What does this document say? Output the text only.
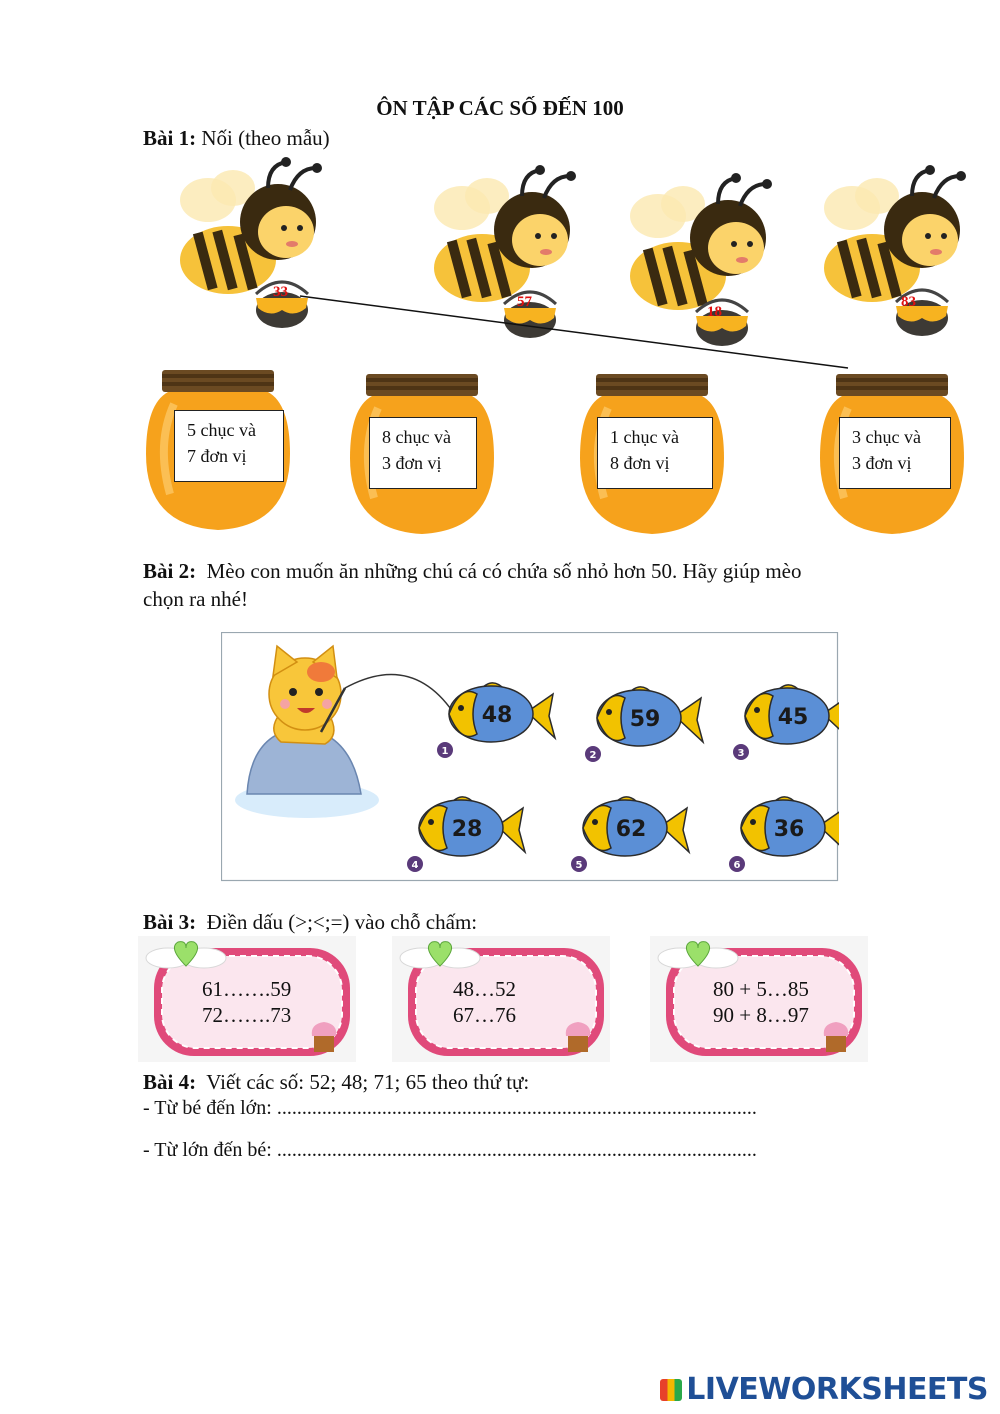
ÔN TẬP CÁC SỐ ĐẾN 100
Bài 1: Nối (theo mẫu)
33
57
18
83
5 chục và
7 đơn vị
8 chục và
3 đơn vị
1 chục và
8 đơn vị
3 chục và
3 đơn vị
Bài 2: Mèo con muốn ăn những chú cá có chứa số nhỏ hơn 50. Hãy giúp mèo
chọn ra nhé!
48
1
59
2
45
3
28
4
62
5
36
6
Bài 3: Điền dấu (>;<;=) vào chỗ chấm:
61…….59
72…….73
48…52
67…76
80 + 5…85
90 + 8…97
Bài 4: Viết các số: 52; 48; 71; 65 theo thứ tự:
- Từ bé đến lớn: ................................................................................................
- Từ lớn đến bé: ................................................................................................
LIVEWORKSHEETS
